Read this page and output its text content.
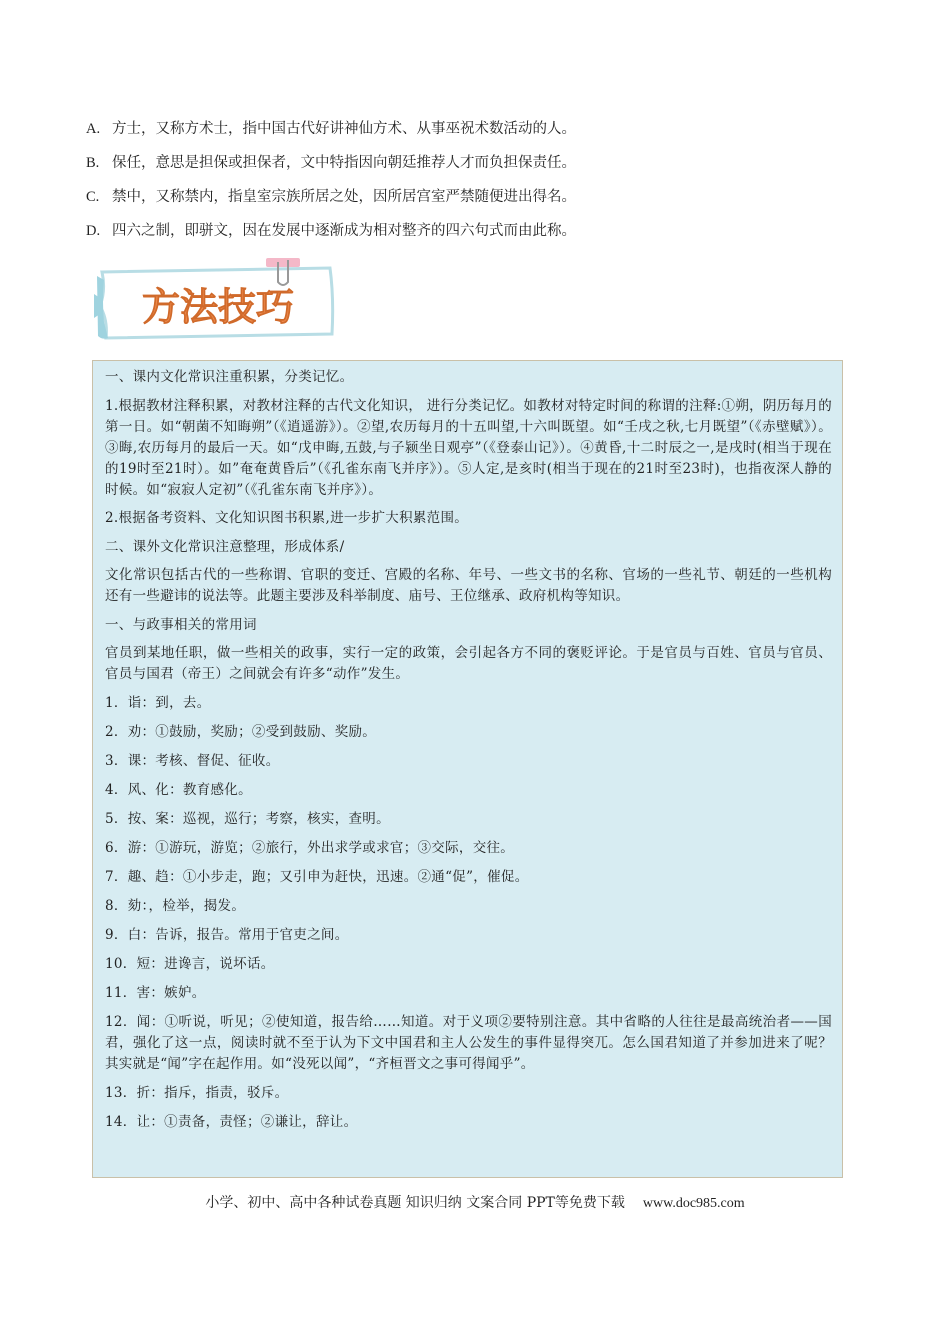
A. 方士，又称方术士，指中国古代好讲神仙方术、从事巫祝术数活动的人。
B. 保任，意思是担保或担保者，文中特指因向朝廷推荐人才而负担保责任。
C. 禁中，又称禁内，指皇室宗族所居之处，因所居宫室严禁随便进出得名。
D. 四六之制，即骈文，因在发展中逐渐成为相对整齐的四六句式而由此称。
方法技巧

一、课内文化常识注重积累，分类记忆。

1.根据教材注释积累，对教材注释的古代文化知识， 进行分类记忆。如教材对特定时间的称谓的注释:①朔，阴历每月的第一日。如“朝菌不知晦朔”（《逍遥游》）。②望,农历每月的十五叫望,十六叫既望。如“壬戌之秋,七月既望”（《赤壁赋》）。③晦,农历每月的最后一天。如“戊申晦,五鼓,与子颍坐日观亭”（《登泰山记》）。④黄昏,十二时辰之一,是戌时(相当于现在的19时至21时）。如”奄奄黄昏后”（《孔雀东南飞并序》）。⑤人定,是亥时(相当于现在的21时至23时)，也指夜深人静的时候。如“寂寂人定初”（《孔雀东南飞并序》）。

2.根据备考资料、文化知识图书积累,进一步扩大积累范围。

二、课外文化常识注意整理，形成体系/

文化常识包括古代的一些称谓、官职的变迁、宫殿的名称、年号、一些文书的名称、官场的一些礼节、朝廷的一些机构还有一些避讳的说法等。此题主要涉及科举制度、庙号、王位继承、政府机构等知识。

一、与政事相关的常用词

官员到某地任职，做一些相关的政事，实行一定的政策，会引起各方不同的褒贬评论。于是官员与百姓、官员与官员、官员与国君（帝王）之间就会有许多“动作”发生。

1．诣：到，去。

2．劝：①鼓励，奖励；②受到鼓励、奖励。

3．课：考核、督促、征收。

4．风、化：教育感化。

5．按、案：巡视，巡行；考察，核实，查明。

6．游：①游玩，游览；②旅行，外出求学或求官；③交际，交往。

7．趣、趋：①小步走，跑；又引申为赶快，迅速。②通“促”，催促。

8．劾：，检举，揭发。

9．白：告诉，报告。常用于官吏之间。

10．短：进谗言，说坏话。

11．害：嫉妒。

12．闻：①听说，听见；②使知道，报告给……知道。对于义项②要特别注意。其中省略的人往往是最高统治者——国君，强化了这一点，阅读时就不至于认为下文中国君和主人公发生的事件显得突兀。怎么国君知道了并参加进来了呢？其实就是“闻”字在起作用。如“没死以闻”，“齐桓晋文之事可得闻乎”。

13．折：指斥，指责，驳斥。

14．让：①责备，责怪；②谦让，辞让。

小学、初中、高中各种试卷真题 知识归纳 文案合同 PPT等免费下载 www.doc985.com
